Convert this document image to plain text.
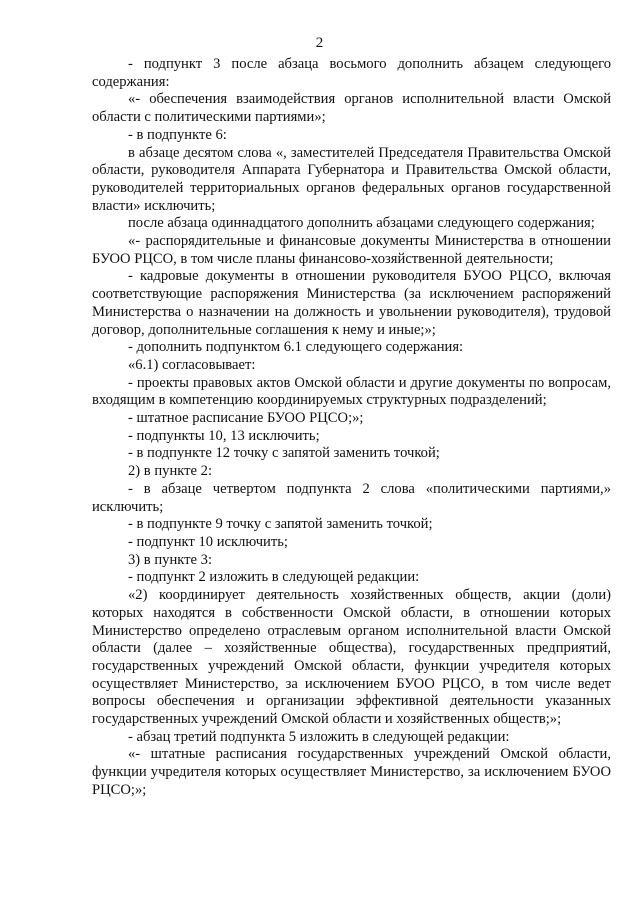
2

- подпункт 3 после абзаца восьмого дополнить абзацем следующего содержания:

«- обеспечения взаимодействия органов исполнительной власти Омской области с политическими партиями»;

- в подпункте 6:

в абзаце десятом слова «, заместителей Председателя Правительства Омской области, руководителя Аппарата Губернатора и Правительства Омской области, руководителей территориальных органов федеральных органов государственной власти» исключить;

после абзаца одиннадцатого дополнить абзацами следующего содержания;

«- распорядительные и финансовые документы Министерства в отношении БУОО РЦСО, в том числе планы финансово-хозяйственной деятельности;

- кадровые документы в отношении руководителя БУОО РЦСО, включая соответствующие распоряжения Министерства (за исключением распоряжений Министерства о назначении на должность и увольнении руководителя), трудовой договор, дополнительные соглашения к нему и иные;»;

- дополнить подпунктом 6.1 следующего содержания:

«6.1) согласовывает:

- проекты правовых актов Омской области и другие документы по вопросам, входящим в компетенцию координируемых структурных подразделений;

- штатное расписание БУОО РЦСО;»;

- подпункты 10, 13 исключить;

- в подпункте 12 точку с запятой заменить точкой;

2) в пункте 2:

- в абзаце четвертом подпункта 2 слова «политическими партиями,» исключить;

- в подпункте 9 точку с запятой заменить точкой;

- подпункт 10 исключить;

3) в пункте 3:

- подпункт 2 изложить в следующей редакции:

«2) координирует деятельность хозяйственных обществ, акции (доли) которых находятся в собственности Омской области, в отношении которых Министерство определено отраслевым органом исполнительной власти Омской области (далее – хозяйственные общества), государственных предприятий, государственных учреждений Омской области, функции учредителя которых осуществляет Министерство, за исключением БУОО РЦСО, в том числе ведет вопросы обеспечения и организации эффективной деятельности указанных государственных учреждений Омской области и хозяйственных обществ;»;

- абзац третий подпункта 5 изложить в следующей редакции:

«- штатные расписания государственных учреждений Омской области, функции учредителя которых осуществляет Министерство, за исключением БУОО РЦСО;»;
